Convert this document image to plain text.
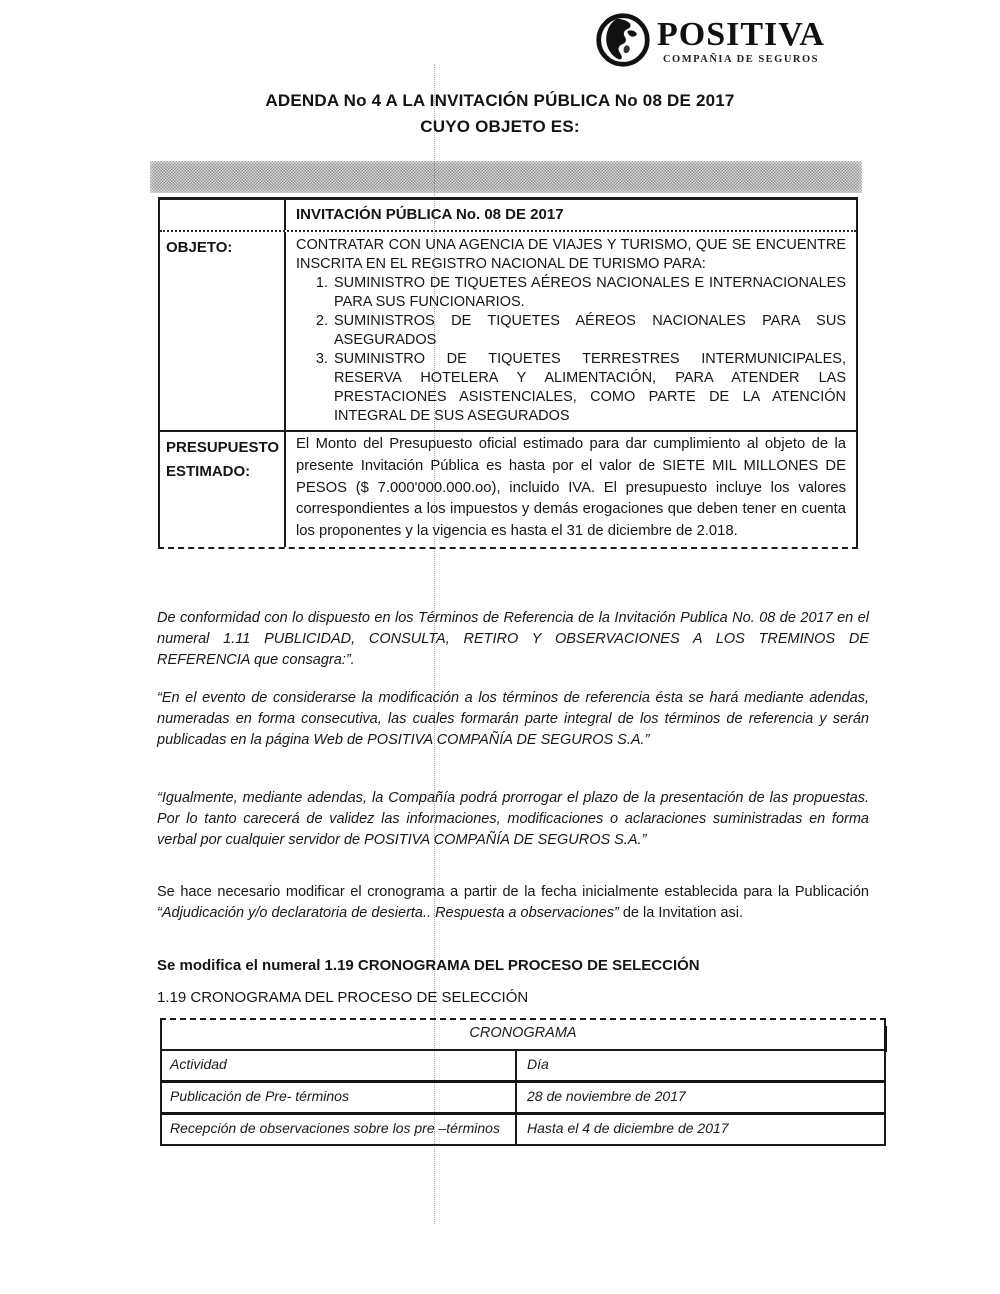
POSITIVA
COMPAÑIA DE SEGUROS
ADENDA No 4 A LA INVITACIÓN PÚBLICA No 08 DE 2017
CUYO OBJETO ES:
INVITACIÓN PÚBLICA No. 08 DE 2017
OBJETO:	CONTRATAR CON UNA AGENCIA DE VIAJES Y TURISMO, QUE SE ENCUENTRE INSCRITA EN EL REGISTRO NACIONAL DE TURISMO PARA:
1. SUMINISTRO DE TIQUETES AÉREOS NACIONALES E INTERNACIONALES PARA SUS FUNCIONARIOS.
2. SUMINISTROS DE TIQUETES AÉREOS NACIONALES PARA SUS ASEGURADOS
3. SUMINISTRO DE TIQUETES TERRESTRES INTERMUNICIPALES, RESERVA HOTELERA Y ALIMENTACIÓN, PARA ATENDER LAS PRESTACIONES ASISTENCIALES, COMO PARTE DE LA ATENCIÓN INTEGRAL DE SUS ASEGURADOS
PRESUPUESTO ESTIMADO:
El Monto del Presupuesto oficial estimado para dar cumplimiento al objeto de la presente Invitación Pública es hasta por el valor de SIETE MIL MILLONES DE PESOS ($ 7.000'000.000.oo), incluido IVA. El presupuesto incluye los valores correspondientes a los impuestos y demás erogaciones que deben tener en cuenta los proponentes y la vigencia es hasta el 31 de diciembre de 2.018.
De conformidad con lo dispuesto en los Términos de Referencia de la Invitación Publica No. 08 de 2017 en el numeral 1.11 PUBLICIDAD, CONSULTA, RETIRO Y OBSERVACIONES A LOS TREMINOS DE REFERENCIA que consagra:”.
“En el evento de considerarse la modificación a los términos de referencia ésta se hará mediante adendas, numeradas en forma consecutiva, las cuales formarán parte integral de los términos de referencia y serán publicadas en la página Web de POSITIVA COMPAÑÍA DE SEGUROS S.A.”
“Igualmente, mediante adendas, la Compañía podrá prorrogar el plazo de la presentación de las propuestas. Por lo tanto carecerá de validez las informaciones, modificaciones o aclaraciones suministradas en forma verbal por cualquier servidor de POSITIVA COMPAÑÍA DE SEGUROS S.A.”
Se hace necesario modificar el cronograma a partir de la fecha inicialmente establecida para la Publicación “Adjudicación y/o declaratoria de desierta.. Respuesta a observaciones” de la Invitation asi.
Se modifica el numeral 1.19 CRONOGRAMA DEL PROCESO DE SELECCIÓN
1.19 CRONOGRAMA DEL PROCESO DE SELECCIÓN
CRONOGRAMA
Actividad	Día
Publicación de Pre- términos	28 de noviembre de 2017
Recepción de observaciones sobre los pre –términos	Hasta el 4 de diciembre de 2017
